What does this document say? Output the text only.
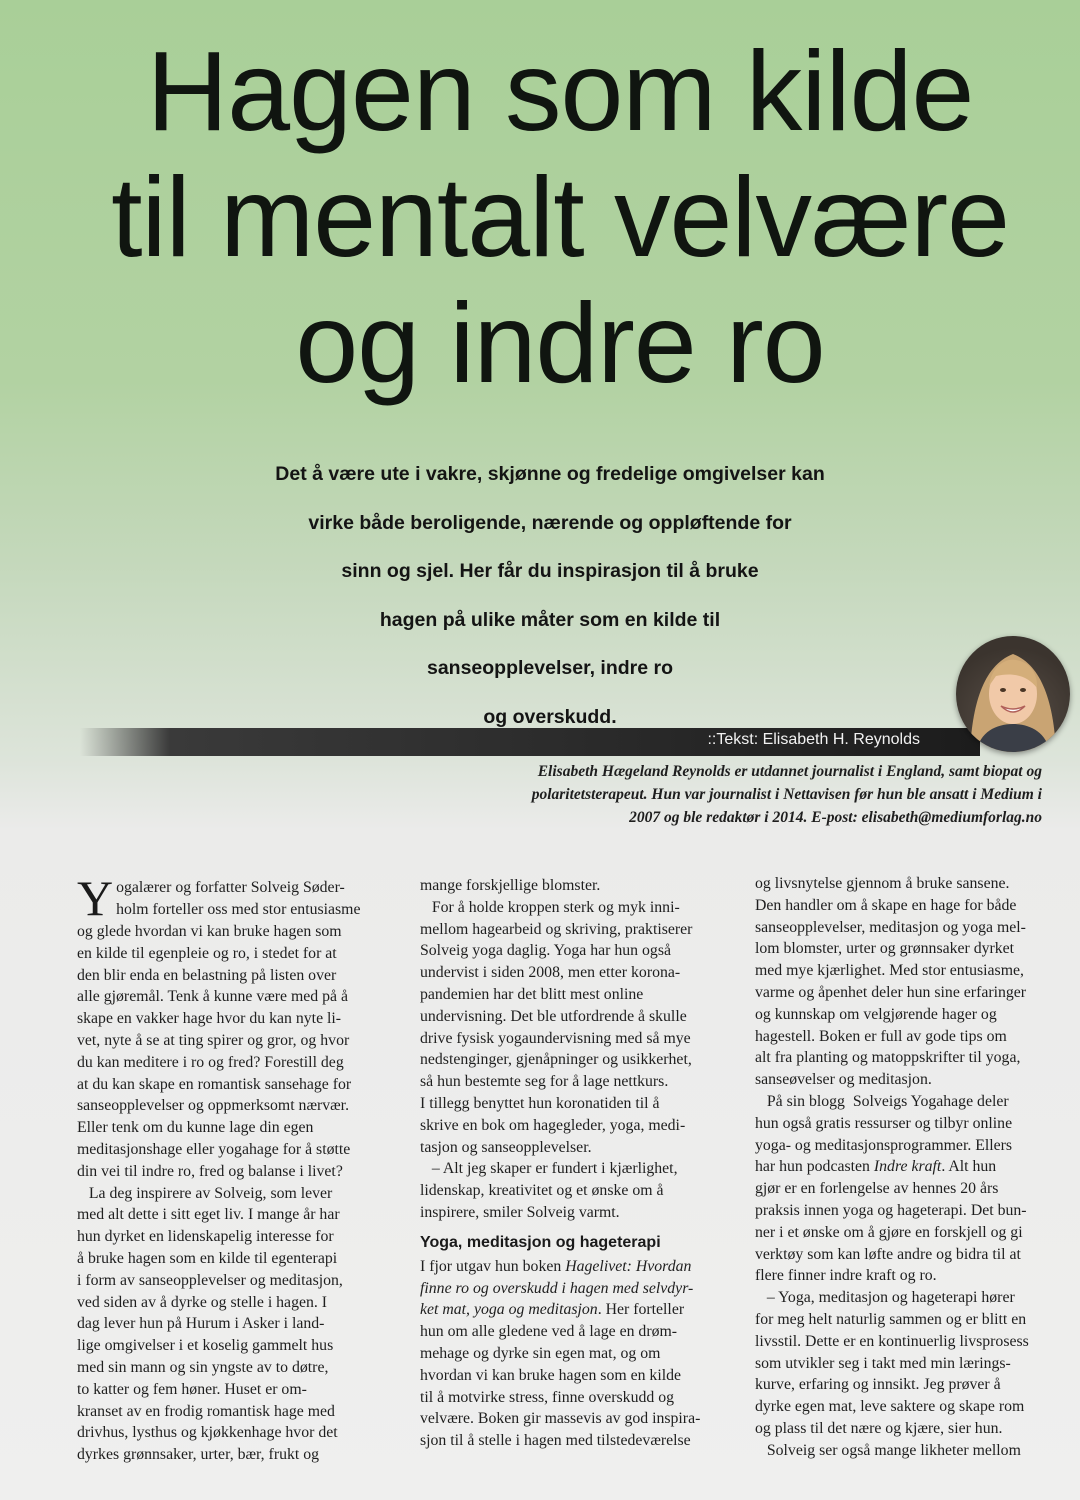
Hagen som kilde
til mentalt velvære
og indre ro
Det å være ute i vakre, skjønne og fredelige omgivelser kan
virke både beroligende, nærende og oppløftende for
sinn og sjel. Her får du inspirasjon til å bruke
hagen på ulike måter som en kilde til
sanseopplevelser, indre ro
og overskudd.
::Tekst: Elisabeth H. Reynolds
Elisabeth Hægeland Reynolds er utdannet journalist i England, samt biopat og
polaritetsterapeut. Hun var journalist i Nettavisen før hun ble ansatt i Medium i
2007 og ble redaktør i 2014. E-post: elisabeth@mediumforlag.no
Y ogalærer og forfatter Solveig Søder-
holm forteller oss med stor entusiasme
og glede hvordan vi kan bruke hagen som
en kilde til egenpleie og ro, i stedet for at
den blir enda en belastning på listen over
alle gjøremål. Tenk å kunne være med på å
skape en vakker hage hvor du kan nyte li-
vet, nyte å se at ting spirer og gror, og hvor
du kan meditere i ro og fred? Forestill deg
at du kan skape en romantisk sansehage for
sanseopplevelser og oppmerksomt nærvær.
Eller tenk om du kunne lage din egen
meditasjonshage eller yogahage for å støtte
din vei til indre ro, fred og balanse i livet?
La deg inspirere av Solveig, som lever
med alt dette i sitt eget liv. I mange år har
hun dyrket en lidenskapelig interesse for
å bruke hagen som en kilde til egenterapi
i form av sanseopplevelser og meditasjon,
ved siden av å dyrke og stelle i hagen. I
dag lever hun på Hurum i Asker i land-
lige omgivelser i et koselig gammelt hus
med sin mann og sin yngste av to døtre,
to katter og fem høner. Huset er om-
kranset av en frodig romantisk hage med
drivhus, lysthus og kjøkkenhage hvor det
dyrkes grønnsaker, urter, bær, frukt og
mange forskjellige blomster.
For å holde kroppen sterk og myk inni-
mellom hagearbeid og skriving, praktiserer
Solveig yoga daglig. Yoga har hun også
undervist i siden 2008, men etter korona-
pandemien har det blitt mest online
undervisning. Det ble utfordrende å skulle
drive fysisk yogaundervisning med så mye
nedstenginger, gjenåpninger og usikkerhet,
så hun bestemte seg for å lage nettkurs.
I tillegg benyttet hun koronatiden til å
skrive en bok om hagegleder, yoga, medi-
tasjon og sanseopplevelser.
– Alt jeg skaper er fundert i kjærlighet,
lidenskap, kreativitet og et ønske om å
inspirere, smiler Solveig varmt.
Yoga, meditasjon og hageterapi
I fjor utgav hun boken Hagelivet: Hvordan
finne ro og overskudd i hagen med selvdyr-
ket mat, yoga og meditasjon. Her forteller
hun om alle gledene ved å lage en drøm-
mehage og dyrke sin egen mat, og om
hvordan vi kan bruke hagen som en kilde
til å motvirke stress, finne overskudd og
velvære. Boken gir massevis av god inspira-
sjon til å stelle i hagen med tilstedeværelse
og livsnytelse gjennom å bruke sansene.
Den handler om å skape en hage for både
sanseopplevelser, meditasjon og yoga mel-
lom blomster, urter og grønnsaker dyrket
med mye kjærlighet. Med stor entusiasme,
varme og åpenhet deler hun sine erfaringer
og kunnskap om velgjørende hager og
hagestell. Boken er full av gode tips om
alt fra planting og matoppskrifter til yoga,
sanseøvelser og meditasjon.
På sin blogg  Solveigs Yogahage deler
hun også gratis ressurser og tilbyr online
yoga- og meditasjonsprogrammer. Ellers
har hun podcasten Indre kraft. Alt hun
gjør er en forlengelse av hennes 20 års
praksis innen yoga og hageterapi. Det bun-
ner i et ønske om å gjøre en forskjell og gi
verktøy som kan løfte andre og bidra til at
flere finner indre kraft og ro.
– Yoga, meditasjon og hageterapi hører
for meg helt naturlig sammen og er blitt en
livsstil. Dette er en kontinuerlig livsprosess
som utvikler seg i takt med min lærings-
kurve, erfaring og innsikt. Jeg prøver å
dyrke egen mat, leve saktere og skape rom
og plass til det nære og kjære, sier hun.
Solveig ser også mange likheter mellom
